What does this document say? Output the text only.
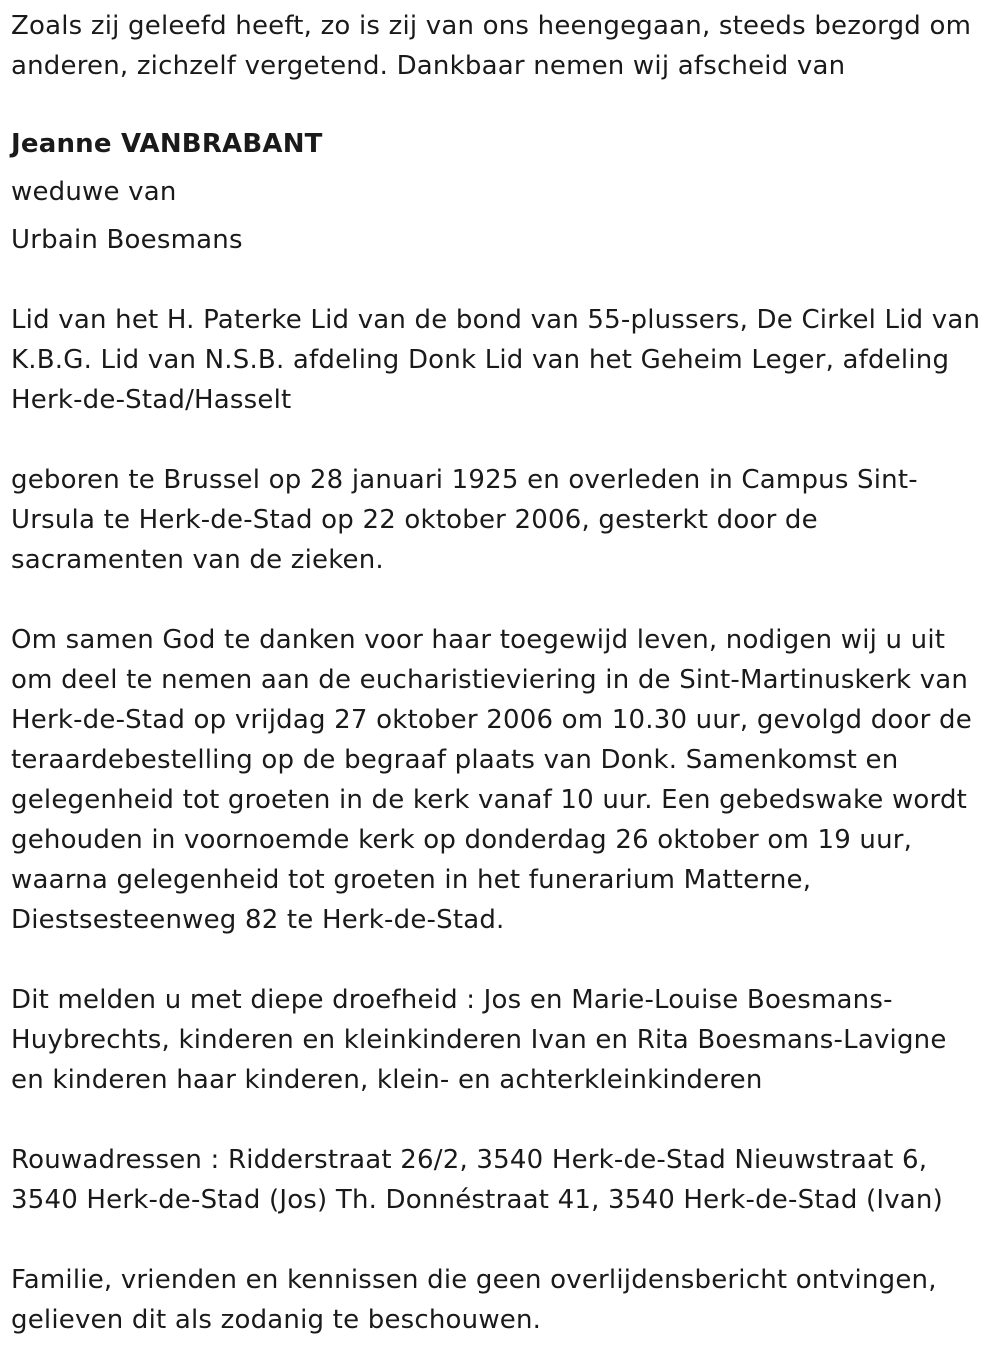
Zoals zij geleefd heeft, zo is zij van ons heengegaan, steeds bezorgd om anderen, zichzelf vergetend. Dankbaar nemen wij afscheid van

Jeanne VANBRABANT

weduwe van

Urbain Boesmans

Lid van het H. Paterke Lid van de bond van 55-plussers, De Cirkel Lid van K.B.G. Lid van N.S.B. afdeling Donk Lid van het Geheim Leger, afdeling Herk-de-Stad/Hasselt

geboren te Brussel op 28 januari 1925 en overleden in Campus Sint-Ursula te Herk-de-Stad op 22 oktober 2006, gesterkt door de sacramenten van de zieken.

Om samen God te danken voor haar toegewijd leven, nodigen wij u uit om deel te nemen aan de eucharistieviering in de Sint-Martinuskerk van Herk-de-Stad op vrijdag 27 oktober 2006 om 10.30 uur, gevolgd door de teraardebestelling op de begraaf plaats van Donk. Samenkomst en gelegenheid tot groeten in de kerk vanaf 10 uur. Een gebedswake wordt gehouden in voornoemde kerk op donderdag 26 oktober om 19 uur, waarna gelegenheid tot groeten in het funerarium Matterne, Diestsesteenweg 82 te Herk-de-Stad.

Dit melden u met diepe droefheid : Jos en Marie-Louise Boesmans-Huybrechts, kinderen en kleinkinderen Ivan en Rita Boesmans-Lavigne en kinderen haar kinderen, klein- en achterkleinkinderen

Rouwadressen : Ridderstraat 26/2, 3540 Herk-de-Stad Nieuwstraat 6, 3540 Herk-de-Stad (Jos) Th. Donnéstraat 41, 3540 Herk-de-Stad (Ivan)

Familie, vrienden en kennissen die geen overlijdensbericht ontvingen, gelieven dit als zodanig te beschouwen.
